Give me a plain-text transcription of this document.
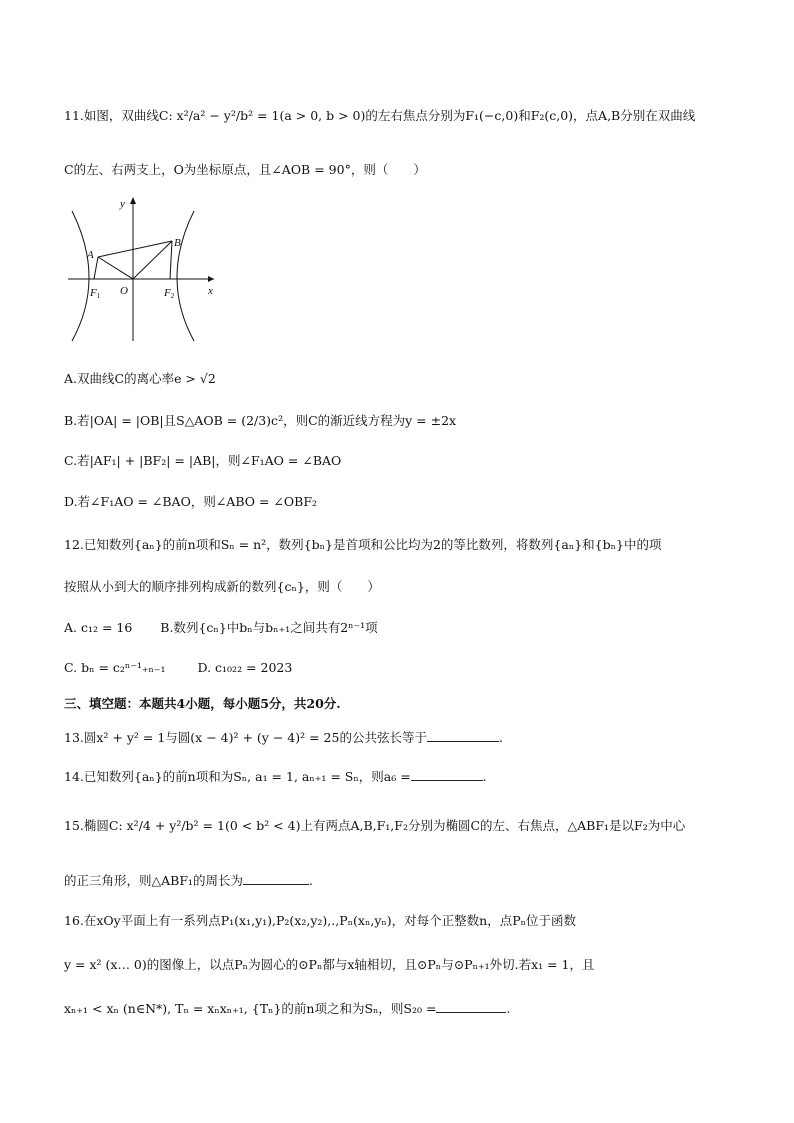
11.如图，双曲线C: x²/a² − y²/b² = 1(a > 0, b > 0)的左右焦点分别为F₁(−c,0)和F₂(c,0)，点A,B分别在双曲线
C的左、右两支上，O为坐标原点，且∠AOB = 90°，则（　　）
y
x
A
B
O
F1	F2
A.双曲线C的离心率e > √2
B.若|OA| = |OB|且S△AOB = (2/3)c²，则C的渐近线方程为y = ±2x
C.若|AF₁| + |BF₂| = |AB|，则∠F₁AO = ∠BAO
D.若∠F₁AO = ∠BAO，则∠ABO = ∠OBF₂
12.已知数列{aₙ}的前n项和Sₙ = n²，数列{bₙ}是首项和公比均为2的等比数列，将数列{aₙ}和{bₙ}中的项
按照从小到大的顺序排列构成新的数列{cₙ}，则（　　）
A. c₁₂ = 16 B.数列{cₙ}中bₙ与bₙ₊₁之间共有2ⁿ⁻¹项
C. bₙ = c₂ⁿ⁻¹₊ₙ₋₁	D. c₁₀₂₂ = 2023
三、填空题：本题共4小题，每小题5分，共20分.
13.圆x² + y² = 1与圆(x − 4)² + (y − 4)² = 25的公共弦长等于	.
14.已知数列{aₙ}的前n项和为Sₙ, a₁ = 1, aₙ₊₁ = Sₙ，则a₆ =	.
15.椭圆C: x²/4 + y²/b² = 1(0 < b² < 4)上有两点A,B,F₁,F₂分别为椭圆C的左、右焦点，△ABF₁是以F₂为中心
的正三角形，则△ABF₁的周长为	.
16.在xOy平面上有一系列点P₁(x₁,y₁),P₂(x₂,y₂),.,Pₙ(xₙ,yₙ)，对每个正整数n，点Pₙ位于函数
y = x² (x… 0)的图像上，以点Pₙ为圆心的⊙Pₙ都与x轴相切，且⊙Pₙ与⊙Pₙ₊₁外切.若x₁ = 1，且
xₙ₊₁ < xₙ (n∈N*), Tₙ = xₙxₙ₊₁, {Tₙ}的前n项之和为Sₙ，则S₂₀ =	.
